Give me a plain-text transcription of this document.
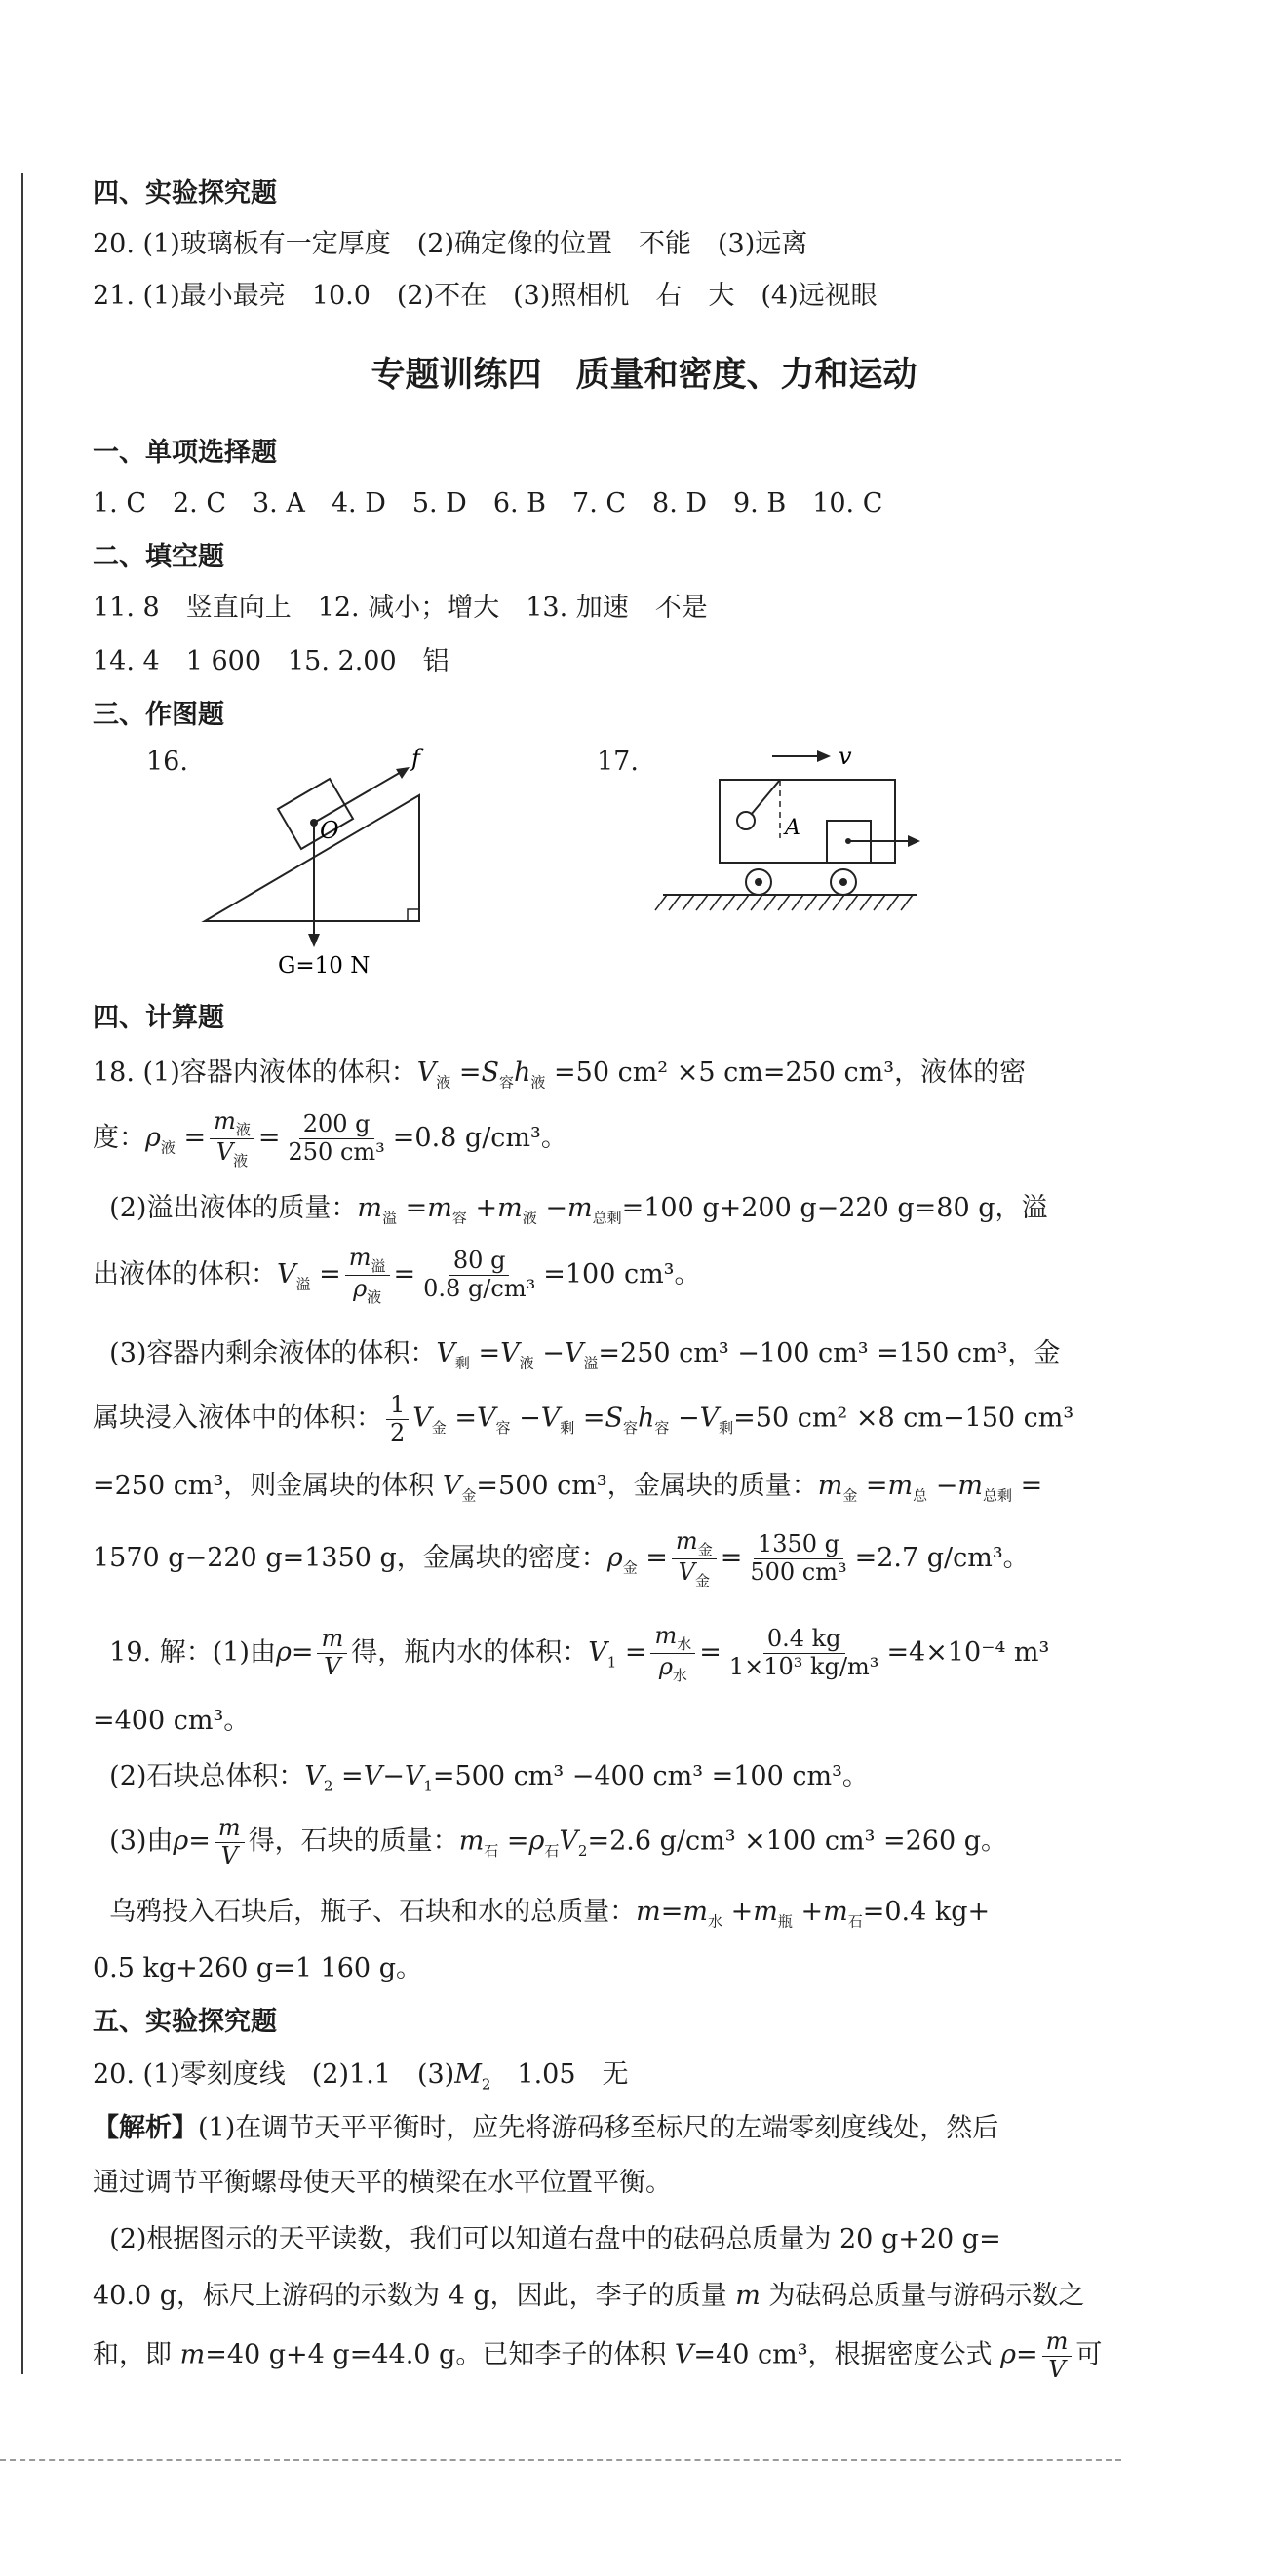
四、实验探究题
20. (1)玻璃板有一定厚度　(2)确定像的位置　不能　(3)远离
21. (1)最小最亮　10.0　(2)不在　(3)照相机　右　大　(4)远视眼
专题训练四　质量和密度、力和运动
一、单项选择题
1. C　2. C　3. A　4. D　5. D　6. B　7. C　8. D　9. B　10. C
二、填空题
11. 8　竖直向上　12. 减小；增大　13. 加速　不是
14. 4　1 600　15. 2.00　铝
三、作图题
16.	f
O
G=10 N
17.	v
A
四、计算题
18. (1)容器内液体的体积：$V_液 =S_容h_液 =50$ cm² ×5 cm=250 cm³，液体的密
度：$\rho_液 = \frac{m_液}{V_液} = \frac{200 g}{\text{250 cm³}} =0.8$ g/cm³。
(2)溢出液体的质量：$m_溢 =m_容 +m_液 -m_{总剩}=100$ g+200 g−220 g=80 g，溢
出液体的体积：$V_溢 = \frac{m_溢}{\rho_液} = \frac{80 g}{\text{0.8 g/cm³}} =100$ cm³。
(3)容器内剩余液体的体积：$V_剩 =V_液 -V_溢=250$ cm³ −100 cm³ =150 cm³，金
属块浸入液体中的体积： $\frac{1}{2} V_金 =V_容 -V_剩 =S_容h_容 -V_剩=50$ cm² ×8 cm−150 cm³
=250 cm³，则金属块的体积 $V_金=500$ cm³，金属块的质量：$m_金 =m_总 -m_{总剩}$ =
1570 g−220 g=1350 g，金属块的密度：$\rho_金 = \frac{m_金}{V_金} = \frac{1350 g}{\text{500 cm³}} =2.7$ g/cm³。
19. 解：(1)由$\rho= \frac{m}{V}$ 得，瓶内水的体积：$V_1 = \frac{m_水}{\rho_水} = \frac{0.4 kg}{\text{1×10³ kg/m³}} =4\times 10^{-4}$ m³
=400 cm³。
(2)石块总体积：$V_2 =V-V_1=500$ cm³ −400 cm³ =100 cm³。
(3)由$\rho= \frac{m}{V}$ 得，石块的质量：$m_石 =\rho_石V_2=2.6$ g/cm³ ×100 cm³ =260 g。
乌鸦投入石块后，瓶子、石块和水的总质量：$m=m_水 +m_瓶 +m_石=0.4$ kg+
0.5 kg+260 g=1 160 g。
五、实验探究题
20. (1)零刻度线　(2)1.1　$(3)M_2$　 1.05　无
【解析】(1)在调节天平平衡时，应先将游码移至标尺的左端零刻度线处，然后
通过调节平衡螺母使天平的横梁在水平位置平衡。
(2)根据图示的天平读数，我们可以知道右盘中的砝码总质量为 20 g+20 g=
40.0 g，标尺上游码的示数为 4 g，因此，李子的质量 m 为砝码总质量与游码示数之
和，即 m=40 g+4 g=44.0 g。已知李子的体积 V=40 cm³，根据密度公式 $\rho= \frac{m}{V}$ 可
